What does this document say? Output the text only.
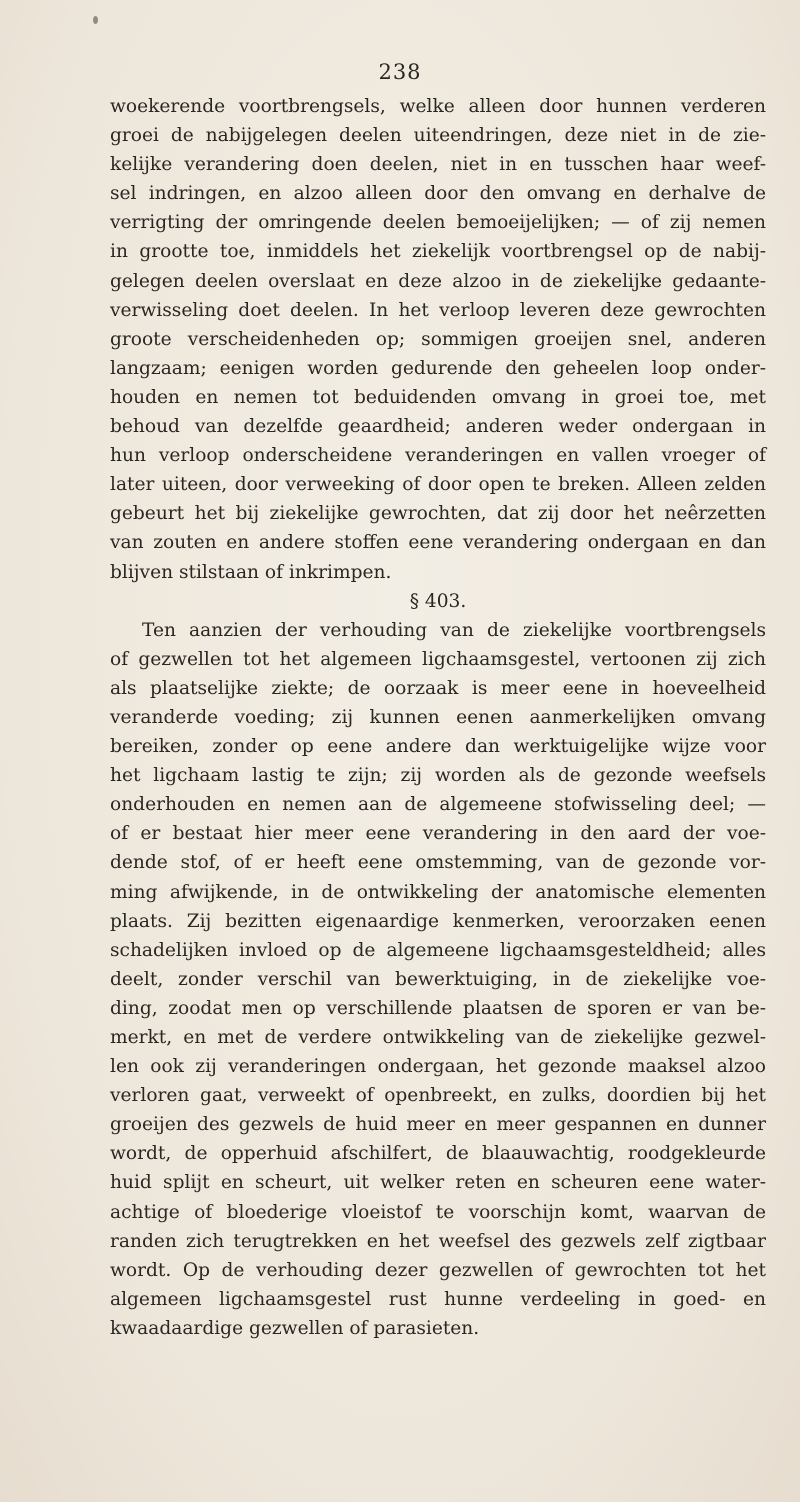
238
woekerende voortbrengsels, welke alleen door hunnen verderen
groei de nabijgelegen deelen uiteendringen, deze niet in de zie-
kelijke verandering doen deelen, niet in en tusschen haar weef-
sel indringen, en alzoo alleen door den omvang en derhalve de
verrigting der omringende deelen bemoeijelijken; — of zij nemen
in grootte toe, inmiddels het ziekelijk voortbrengsel op de nabij-
gelegen deelen overslaat en deze alzoo in de ziekelijke gedaante-
verwisseling doet deelen. In het verloop leveren deze gewrochten
groote verscheidenheden op; sommigen groeijen snel, anderen
langzaam; eenigen worden gedurende den geheelen loop onder-
houden en nemen tot beduidenden omvang in groei toe, met
behoud van dezelfde geaardheid; anderen weder ondergaan in
hun verloop onderscheidene veranderingen en vallen vroeger of
later uiteen, door verweeking of door open te breken. Alleen zelden
gebeurt het bij ziekelijke gewrochten, dat zij door het neêrzetten
van zouten en andere stoffen eene verandering ondergaan en dan
blijven stilstaan of inkrimpen.
§ 403.
Ten aanzien der verhouding van de ziekelijke voortbrengsels
of gezwellen tot het algemeen ligchaamsgestel, vertoonen zij zich
als plaatselijke ziekte; de oorzaak is meer eene in hoeveelheid
veranderde voeding; zij kunnen eenen aanmerkelijken omvang
bereiken, zonder op eene andere dan werktuigelijke wijze voor
het ligchaam lastig te zijn; zij worden als de gezonde weefsels
onderhouden en nemen aan de algemeene stofwisseling deel; —
of er bestaat hier meer eene verandering in den aard der voe-
dende stof, of er heeft eene omstemming, van de gezonde vor-
ming afwijkende, in de ontwikkeling der anatomische elementen
plaats. Zij bezitten eigenaardige kenmerken, veroorzaken eenen
schadelijken invloed op de algemeene ligchaamsgesteldheid; alles
deelt, zonder verschil van bewerktuiging, in de ziekelijke voe-
ding, zoodat men op verschillende plaatsen de sporen er van be-
merkt, en met de verdere ontwikkeling van de ziekelijke gezwel-
len ook zij veranderingen ondergaan, het gezonde maaksel alzoo
verloren gaat, verweekt of openbreekt, en zulks, doordien bij het
groeijen des gezwels de huid meer en meer gespannen en dunner
wordt, de opperhuid afschilfert, de blaauwachtig, roodgekleurde
huid splijt en scheurt, uit welker reten en scheuren eene water-
achtige of bloederige vloeistof te voorschijn komt, waarvan de
randen zich terugtrekken en het weefsel des gezwels zelf zigtbaar
wordt. Op de verhouding dezer gezwellen of gewrochten tot het
algemeen ligchaamsgestel rust hunne verdeeling in goed- en
kwaadaardige gezwellen of parasieten.
